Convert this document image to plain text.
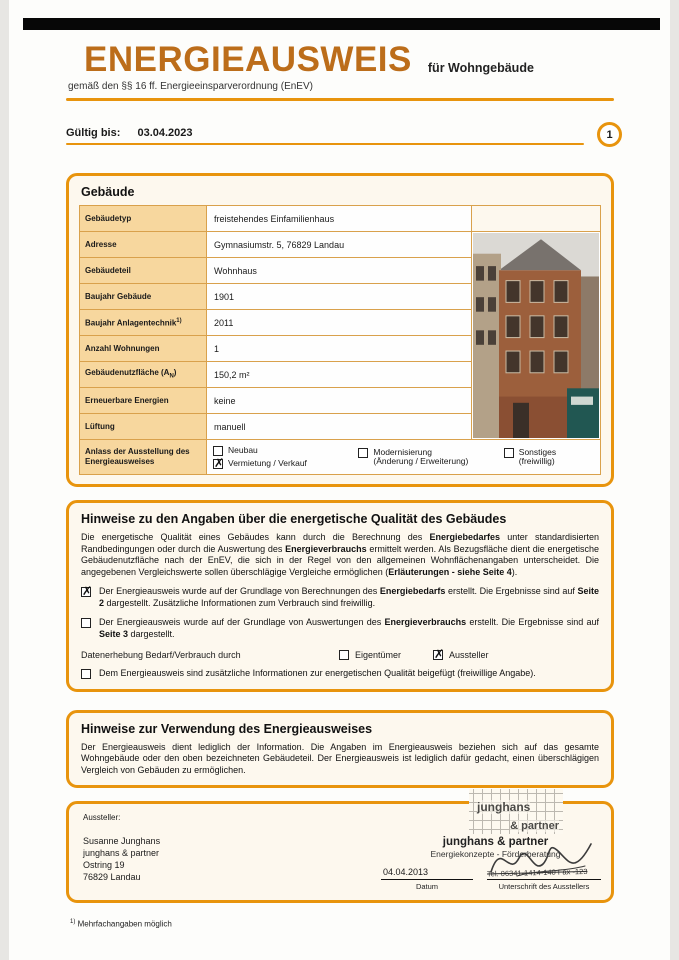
ENERGIEAUSWEIS für Wohngebäude
gemäß den §§ 16 ff. Energieeinsparverordnung (EnEV)
Gültig bis: 03.04.2023	1
Gebäude
Gebäudetyp	freistehendes Einfamilienhaus
Adresse	Gymnasiumstr. 5, 76829 Landau
Gebäudeteil	Wohnhaus
Baujahr Gebäude	1901
Baujahr Anlagentechnik$^{1)}$	2011
Anzahl Wohnungen	1
Gebäudenutzfläche $(A_N)$	150,2 m²
Erneuerbare Energien	keine
Lüftung	manuell
Anlass der Ausstellung des Energieausweises
Neubau
✗ Vermietung / Verkauf
Modernisierung
(Änderung / Erweiterung)
Sonstiges (freiwillig)
Hinweise zu den Angaben über die energetische Qualität des Gebäudes

Die energetische Qualität eines Gebäudes kann durch die Berechnung des Energiebedarfes unter standardisierten Randbedingungen oder durch die Auswertung des Energieverbrauchs ermittelt werden. Als Bezugsfläche dient die energetische Gebäudenutzfläche nach der EnEV, die sich in der Regel von den allgemeinen Wohnflächenangaben unterscheidet. Die angegebenen Vergleichswerte sollen überschlägige Vergleiche ermöglichen (Erläuterungen - siehe Seite 4).

✗ Der Energieausweis wurde auf der Grundlage von Berechnungen des Energiebedarfs erstellt. Die Ergebnisse sind auf Seite 2 dargestellt. Zusätzliche Informationen zum Verbrauch sind freiwillig.

Der Energieausweis wurde auf der Grundlage von Auswertungen des Energieverbrauchs erstellt. Die Ergebnisse sind auf Seite 3 dargestellt.

Datenerhebung Bedarf/Verbrauch durch	Eigentümer	✗ Aussteller

Dem Energieausweis sind zusätzliche Informationen zur energetischen Qualität beigefügt (freiwillige Angabe).

Hinweise zur Verwendung des Energieausweises

Der Energieausweis dient lediglich der Information. Die Angaben im Energieausweis beziehen sich auf das gesamte Wohngebäude oder den oben bezeichneten Gebäudeteil. Der Energieausweis ist lediglich dafür gedacht, einen überschlägigen Vergleich von Gebäuden zu ermöglichen.

Aussteller:
Susanne Junghans
junghans & partner
Ostring 19
76829 Landau
junghans
& partner
junghans & partner
Energiekonzepte - Förderberatung
04.04.2013
Datum
Tel. 06341-1414-140 Fax -123
Unterschrift des Ausstellers
$^{1)}$ Mehrfachangaben möglich
